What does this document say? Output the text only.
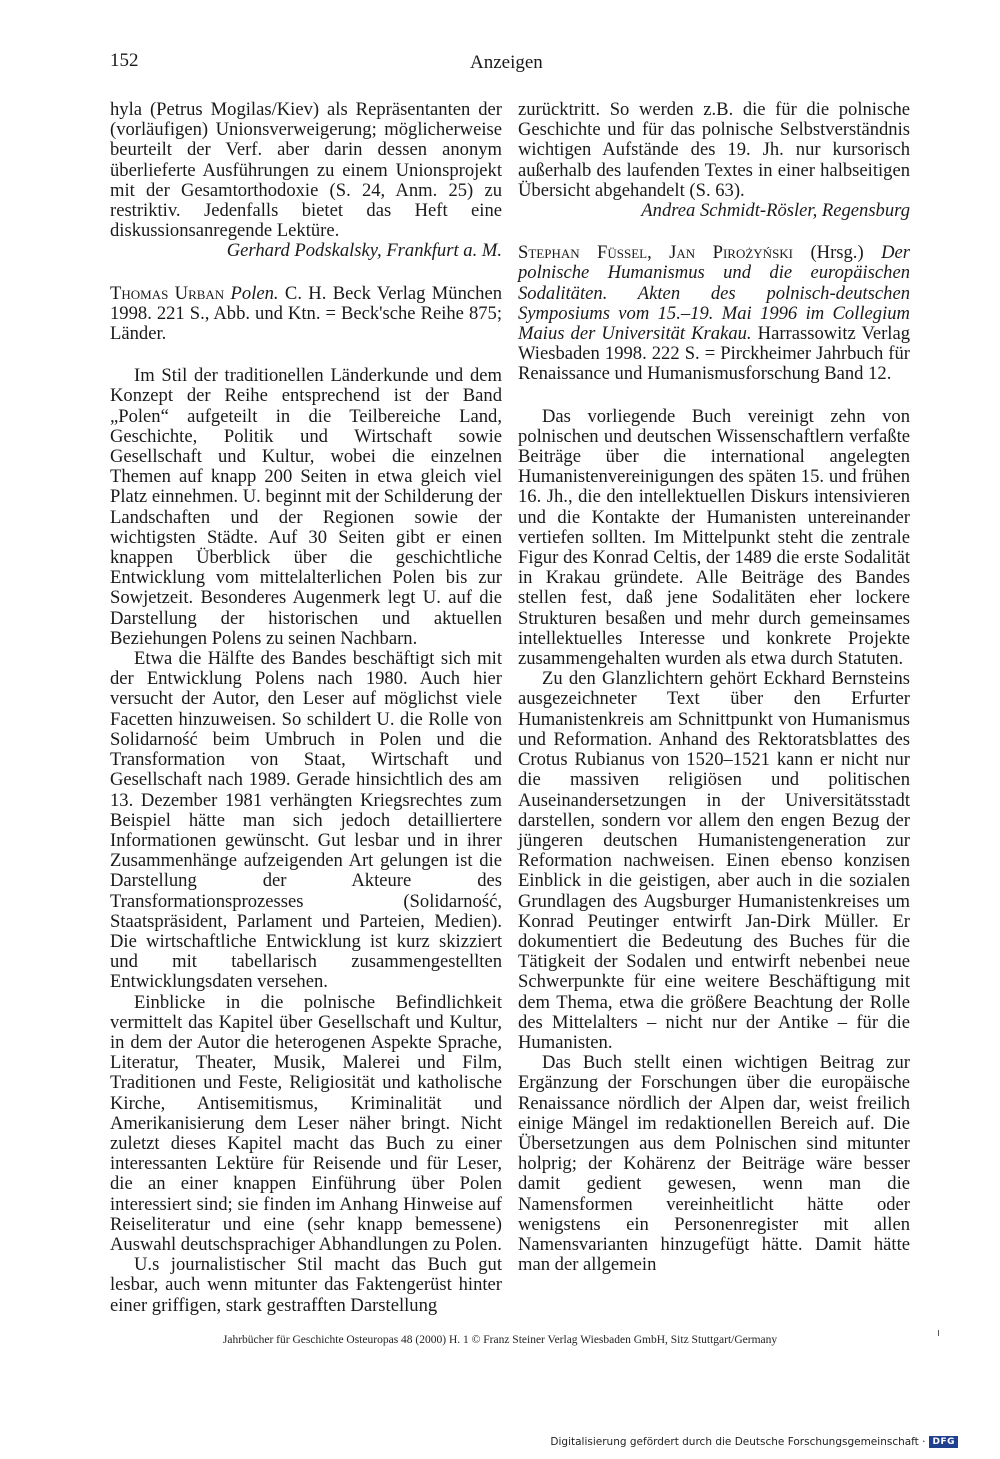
152	Anzeigen

hyla (Petrus Mogilas/Kiev) als Repräsentanten der (vorläufigen) Unionsverweigerung; möglicherweise beurteilt der Verf. aber darin dessen anonym überlieferte Ausführungen zu einem Unionsprojekt mit der Gesamtorthodoxie (S. 24, Anm. 25) zu restriktiv. Jedenfalls bietet das Heft eine diskussionsanregende Lektüre.

Gerhard Podskalsky, Frankfurt a. M.

Thomas Urban Polen. C. H. Beck Verlag München 1998. 221 S., Abb. und Ktn. = Beck'sche Reihe 875; Länder.

Im Stil der traditionellen Länderkunde und dem Konzept der Reihe entsprechend ist der Band „Polen“ aufgeteilt in die Teilbereiche Land, Geschichte, Politik und Wirtschaft sowie Gesellschaft und Kultur, wobei die einzelnen Themen auf knapp 200 Seiten in etwa gleich viel Platz einnehmen. U. beginnt mit der Schilderung der Landschaften und der Regionen sowie der wichtigsten Städte. Auf 30 Seiten gibt er einen knappen Überblick über die geschichtliche Entwicklung vom mittelalterlichen Polen bis zur Sowjetzeit. Besonderes Augenmerk legt U. auf die Darstellung der historischen und aktuellen Beziehungen Polens zu seinen Nachbarn.

Etwa die Hälfte des Bandes beschäftigt sich mit der Entwicklung Polens nach 1980. Auch hier versucht der Autor, den Leser auf möglichst viele Facetten hinzuweisen. So schildert U. die Rolle von Solidarność beim Umbruch in Polen und die Transformation von Staat, Wirtschaft und Gesellschaft nach 1989. Gerade hinsichtlich des am 13. Dezember 1981 verhängten Kriegsrechtes zum Beispiel hätte man sich jedoch detailliertere Informationen gewünscht. Gut lesbar und in ihrer Zusammenhänge aufzeigenden Art gelungen ist die Darstellung der Akteure des Transformationsprozesses (Solidarność, Staatspräsident, Parlament und Parteien, Medien). Die wirtschaftliche Entwicklung ist kurz skizziert und mit tabellarisch zusammengestellten Entwicklungsdaten versehen.

Einblicke in die polnische Befindlichkeit vermittelt das Kapitel über Gesellschaft und Kultur, in dem der Autor die heterogenen Aspekte Sprache, Literatur, Theater, Musik, Malerei und Film, Traditionen und Feste, Religiosität und katholische Kirche, Antisemitismus, Kriminalität und Amerikanisierung dem Leser näher bringt. Nicht zuletzt dieses Kapitel macht das Buch zu einer interessanten Lektüre für Reisende und für Leser, die an einer knappen Einführung über Polen interessiert sind; sie finden im Anhang Hinweise auf Reiseliteratur und eine (sehr knapp bemessene) Auswahl deutschsprachiger Abhandlungen zu Polen.

U.s journalistischer Stil macht das Buch gut lesbar, auch wenn mitunter das Faktengerüst hinter einer griffigen, stark gestrafften Darstellung

zurücktritt. So werden z.B. die für die polnische Geschichte und für das polnische Selbstverständnis wichtigen Aufstände des 19. Jh. nur kursorisch außerhalb des laufenden Textes in einer halbseitigen Übersicht abgehandelt (S. 63).

Andrea Schmidt-Rösler, Regensburg

Stephan Füssel, Jan Pirożyński (Hrsg.) Der polnische Humanismus und die europäischen Sodalitäten. Akten des polnisch-deutschen Symposiums vom 15.–19. Mai 1996 im Collegium Maius der Universität Krakau. Harrassowitz Verlag Wiesbaden 1998. 222 S. = Pirckheimer Jahrbuch für Renaissance und Humanismusforschung Band 12.

Das vorliegende Buch vereinigt zehn von polnischen und deutschen Wissenschaftlern verfaßte Beiträge über die international angelegten Humanistenvereinigungen des späten 15. und frühen 16. Jh., die den intellektuellen Diskurs intensivieren und die Kontakte der Humanisten untereinander vertiefen sollten. Im Mittelpunkt steht die zentrale Figur des Konrad Celtis, der 1489 die erste Sodalität in Krakau gründete. Alle Beiträge des Bandes stellen fest, daß jene Sodalitäten eher lockere Strukturen besaßen und mehr durch gemeinsames intellektuelles Interesse und konkrete Projekte zusammengehalten wurden als etwa durch Statuten.

Zu den Glanzlichtern gehört Eckhard Bernsteins ausgezeichneter Text über den Erfurter Humanistenkreis am Schnittpunkt von Humanismus und Reformation. Anhand des Rektoratsblattes des Crotus Rubianus von 1520–1521 kann er nicht nur die massiven religiösen und politischen Auseinandersetzungen in der Universitätsstadt darstellen, sondern vor allem den engen Bezug der jüngeren deutschen Humanistengeneration zur Reformation nachweisen. Einen ebenso konzisen Einblick in die geistigen, aber auch in die sozialen Grundlagen des Augsburger Humanistenkreises um Konrad Peutinger entwirft Jan-Dirk Müller. Er dokumentiert die Bedeutung des Buches für die Tätigkeit der Sodalen und entwirft nebenbei neue Schwerpunkte für eine weitere Beschäftigung mit dem Thema, etwa die größere Beachtung der Rolle des Mittelalters – nicht nur der Antike – für die Humanisten.

Das Buch stellt einen wichtigen Beitrag zur Ergänzung der Forschungen über die europäische Renaissance nördlich der Alpen dar, weist freilich einige Mängel im redaktionellen Bereich auf. Die Übersetzungen aus dem Polnischen sind mitunter holprig; der Kohärenz der Beiträge wäre besser damit gedient gewesen, wenn man die Namensformen vereinheitlicht hätte oder wenigstens ein Personenregister mit allen Namensvarianten hinzugefügt hätte. Damit hätte man der allgemein

Jahrbücher für Geschichte Osteuropas 48 (2000) H. 1 © Franz Steiner Verlag Wiesbaden GmbH, Sitz Stuttgart/Germany
Digitalisierung gefördert durch die Deutsche Forschungsgemeinschaft · DFG
